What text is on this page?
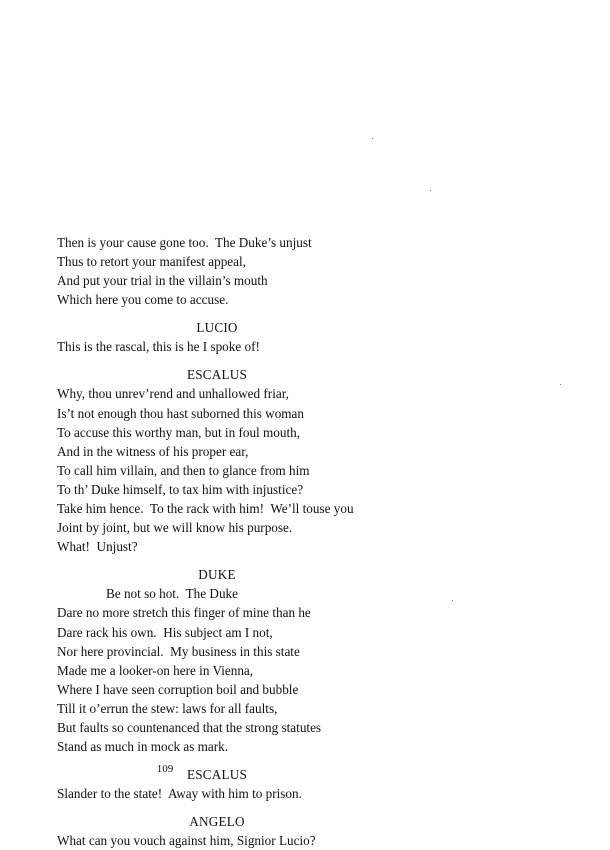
Then is your cause gone too.  The Duke’s unjust
Thus to retort your manifest appeal,
And put your trial in the villain’s mouth
Which here you come to accuse.
LUCIO
This is the rascal, this is he I spoke of!
ESCALUS
Why, thou unrev’rend and unhallowed friar,
Is’t not enough thou hast suborned this woman
To accuse this worthy man, but in foul mouth,
And in the witness of his proper ear,
To call him villain, and then to glance from him
To th’ Duke himself, to tax him with injustice?
Take him hence.  To the rack with him!  We’ll touse you
Joint by joint, but we will know his purpose.
What!  Unjust?
DUKE
Be not so hot.  The Duke
Dare no more stretch this finger of mine than he
Dare rack his own.  His subject am I not,
Nor here provincial.  My business in this state
Made me a looker-on here in Vienna,
Where I have seen corruption boil and bubble
Till it o’errun the stew: laws for all faults,
But faults so countenanced that the strong statutes
Stand as much in mock as mark.
ESCALUS
Slander to the state!  Away with him to prison.
ANGELO
What can you vouch against him, Signior Lucio?
109
